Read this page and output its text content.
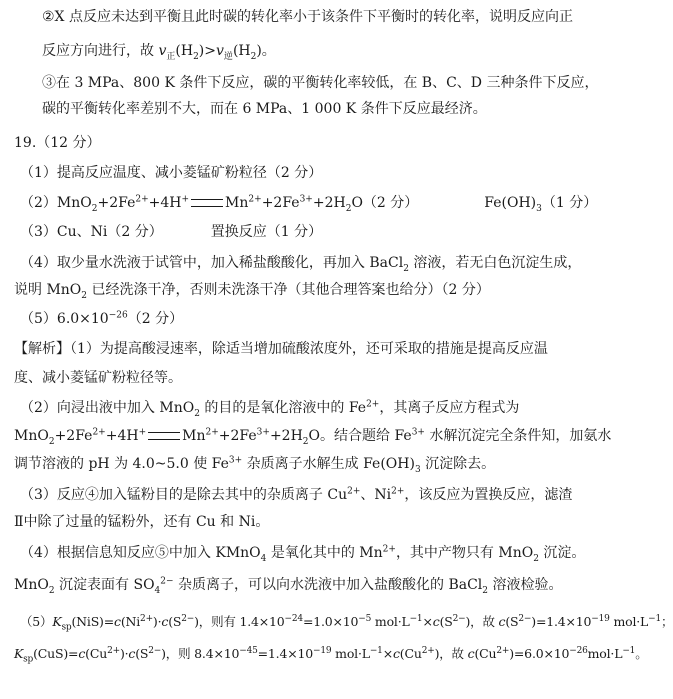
②X 点反应未达到平衡且此时碳的转化率小于该条件下平衡时的转化率，说明反应向正
反应方向进行，故 $v_正(H_2)>v_逆(H_2)$。
③在 3 MPa、800 K 条件下反应，碳的平衡转化率较低，在 B、C、D 三种条件下反应，
碳的平衡转化率差别不大，而在 6 MPa、1 000 K 条件下反应最经济。
19.（12 分）
（1）提高反应温度、减小菱锰矿粉粒径（2 分）
$(2)MnO_2+2Fe^{2+}+4H^+$	$Mn^{2+}+2Fe^{3+}+2H_2O(2$ 分）	$Fe(OH)_3(1$ 分）
（3）Cu、Ni（2 分）	置换反应（1 分）
（4）取少量水洗液于试管中，加入稀盐酸酸化，再加入 BaCl$_2$ 溶液，若无白色沉淀生成，
说明 MnO$_2$ 已经洗涤干净，否则未洗涤干净（其他合理答案也给分）（2 分）
$(5)6.0\times 10^{-26}(2$ 分）
【解析】（1）为提高酸浸速率，除适当增加硫酸浓度外，还可采取的措施是提高反应温
度、减小菱锰矿粉粒径等。
（2）向浸出液中加入 MnO$_2$ 的目的是氧化溶液中的 $Fe^{2+}$，其离子反应方程式为
$MnO_2+2Fe^{2+}+4H^+$	$Mn^{2+}+2Fe^{3+}+2H_2O$。结合题给 $Fe^{3+}$ 水解沉淀完全条件知，加氨水
调节溶液的 pH 为 4.0~5.0 使 $Fe^{3+}$ 杂质离子水解生成 $Fe(OH)_3$ 沉淀除去。
（3）反应④加入锰粉目的是除去其中的杂质离子 $Cu^{2+}$、$Ni^{2+}$，该反应为置换反应，滤渣
Ⅱ中除了过量的锰粉外，还有 Cu 和 Ni。
（4）根据信息知反应⑤中加入 KMnO$_4$ 是氧化其中的 $Mn^{2+}$，其中产物只有 MnO$_2$ 沉淀。
MnO$_2$ 沉淀表面有 $SO_4^{2-}$ 杂质离子，可以向水洗液中加入盐酸酸化的 BaCl$_2$ 溶液检验。
$(5)K_{sp}(NiS)=c(Ni^{2+})\cdot c(S^{2-})$，则有 $1.4\times 10^{-24}=1.0\times 10^{-5}$ $mol\cdot L^{-1}\times c(S^{2-})$，故 $c(S^{2-})=1.4\times 10^{-19}$ $mol\cdot L^{-1}$；
$K_{sp}(CuS)=c(Cu^{2+})\cdot c(S^{2-})$，则 $8.4\times 10^{-45}=1.4\times 10^{-19}$ $mol\cdot L^{-1}\times c(Cu^{2+})$，故 $c(Cu^{2+})=6.0\times 10^{-26}mol\cdot L^{-1}$。
